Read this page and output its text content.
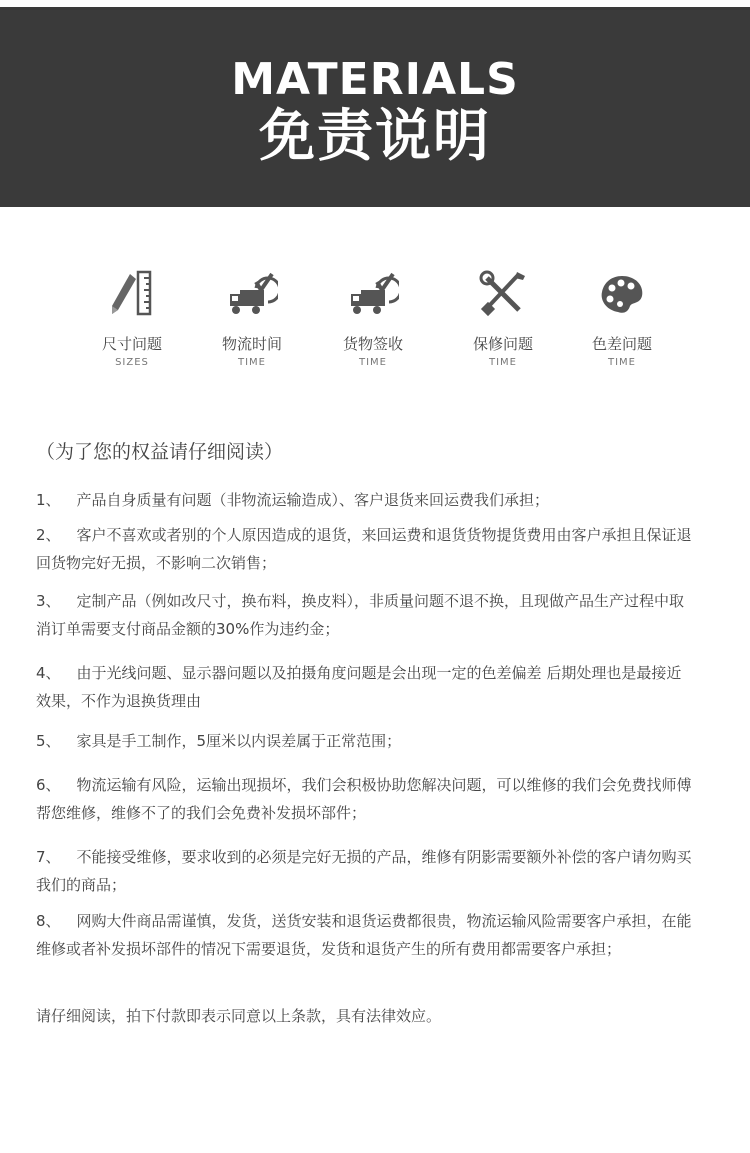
MATERIALS
免责说明
尺寸问题
SIZES
物流时间
TIME
货物签收
TIME
保修问题
TIME
色差问题
TIME
（为了您的权益请仔细阅读）
1、 产品自身质量有问题（非物流运输造成）、客户退货来回运费我们承担；
2、 客户不喜欢或者别的个人原因造成的退货，来回运费和退货货物提货费用由客户承担且保证退回货物完好无损，不影响二次销售；
3、 定制产品（例如改尺寸，换布料，换皮料），非质量问题不退不换，且现做产品生产过程中取消订单需要支付商品金额的30%作为违约金；
4、 由于光线问题、显示器问题以及拍摄角度问题是会出现一定的色差偏差 后期处理也是最接近效果，不作为退换货理由
5、 家具是手工制作，5厘米以内误差属于正常范围；
6、 物流运输有风险，运输出现损坏，我们会积极协助您解决问题，可以维修的我们会免费找师傅帮您维修，维修不了的我们会免费补发损坏部件；
7、 不能接受维修，要求收到的必须是完好无损的产品，维修有阴影需要额外补偿的客户请勿购买我们的商品；
8、 网购大件商品需谨慎，发货，送货安装和退货运费都很贵，物流运输风险需要客户承担，在能维修或者补发损坏部件的情况下需要退货，发货和退货产生的所有费用都需要客户承担；
请仔细阅读，拍下付款即表示同意以上条款，具有法律效应。
